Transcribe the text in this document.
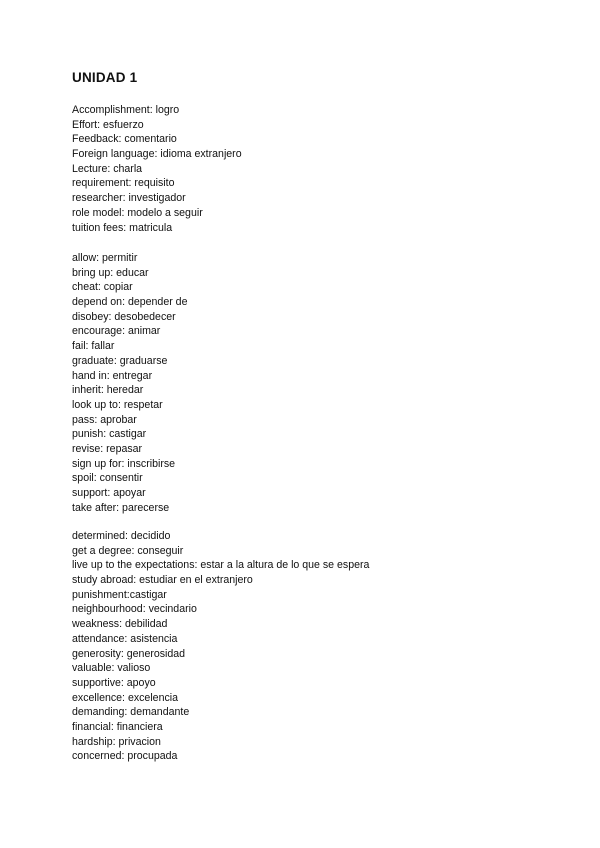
UNIDAD 1
Accomplishment: logro
Effort: esfuerzo
Feedback: comentario
Foreign language: idioma extranjero
Lecture: charla
requirement: requisito
researcher: investigador
role model: modelo a seguir
tuition fees: matricula
allow: permitir
bring up: educar
cheat: copiar
depend on: depender de
disobey: desobedecer
encourage: animar
fail: fallar
graduate: graduarse
hand in: entregar
inherit: heredar
look up to: respetar
pass: aprobar
punish: castigar
revise: repasar
sign up for: inscribirse
spoil: consentir
support: apoyar
take after: parecerse
determined: decidido
get a degree: conseguir
live up to the expectations: estar a la altura de lo que se espera
study abroad: estudiar en el extranjero
punishment:castigar
neighbourhood: vecindario
weakness: debilidad
attendance: asistencia
generosity: generosidad
valuable: valioso
supportive: apoyo
excellence: excelencia
demanding: demandante
financial: financiera
hardship: privacion
concerned: procupada
